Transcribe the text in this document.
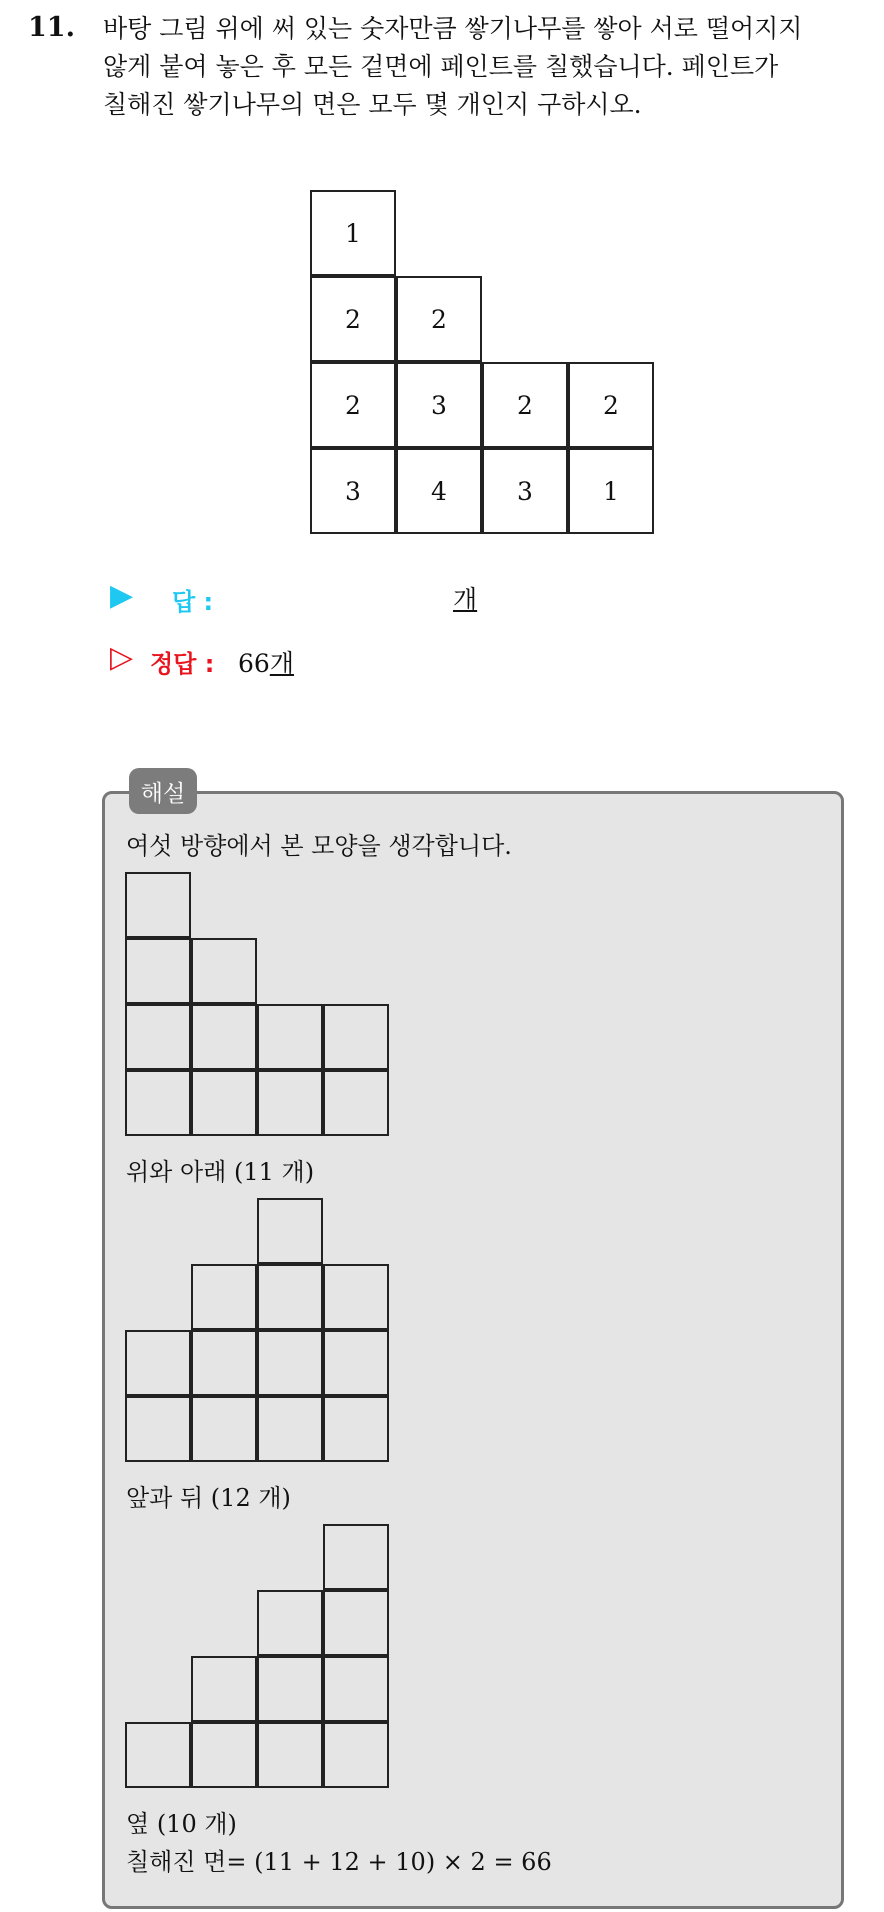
11. 바탕 그림 위에 써 있는 숫자만큼 쌓기나무를 쌓아 서로 떨어지지
않게 붙여 놓은 후 모든 겉면에 페인트를 칠했습니다. 페인트가
칠해진 쌓기나무의 면은 모두 몇 개인지 구하시오.
1
2	2
2	3	2	2
3	4	3	1
▶ 답 :	개
▷ 정답 : 66개
해설
여섯 방향에서 본 모양을 생각합니다.
위와 아래 (11 개)
앞과 뒤 (12 개)
옆 (10 개)
칠해진 면= (11 + 12 + 10) × 2 = 66
